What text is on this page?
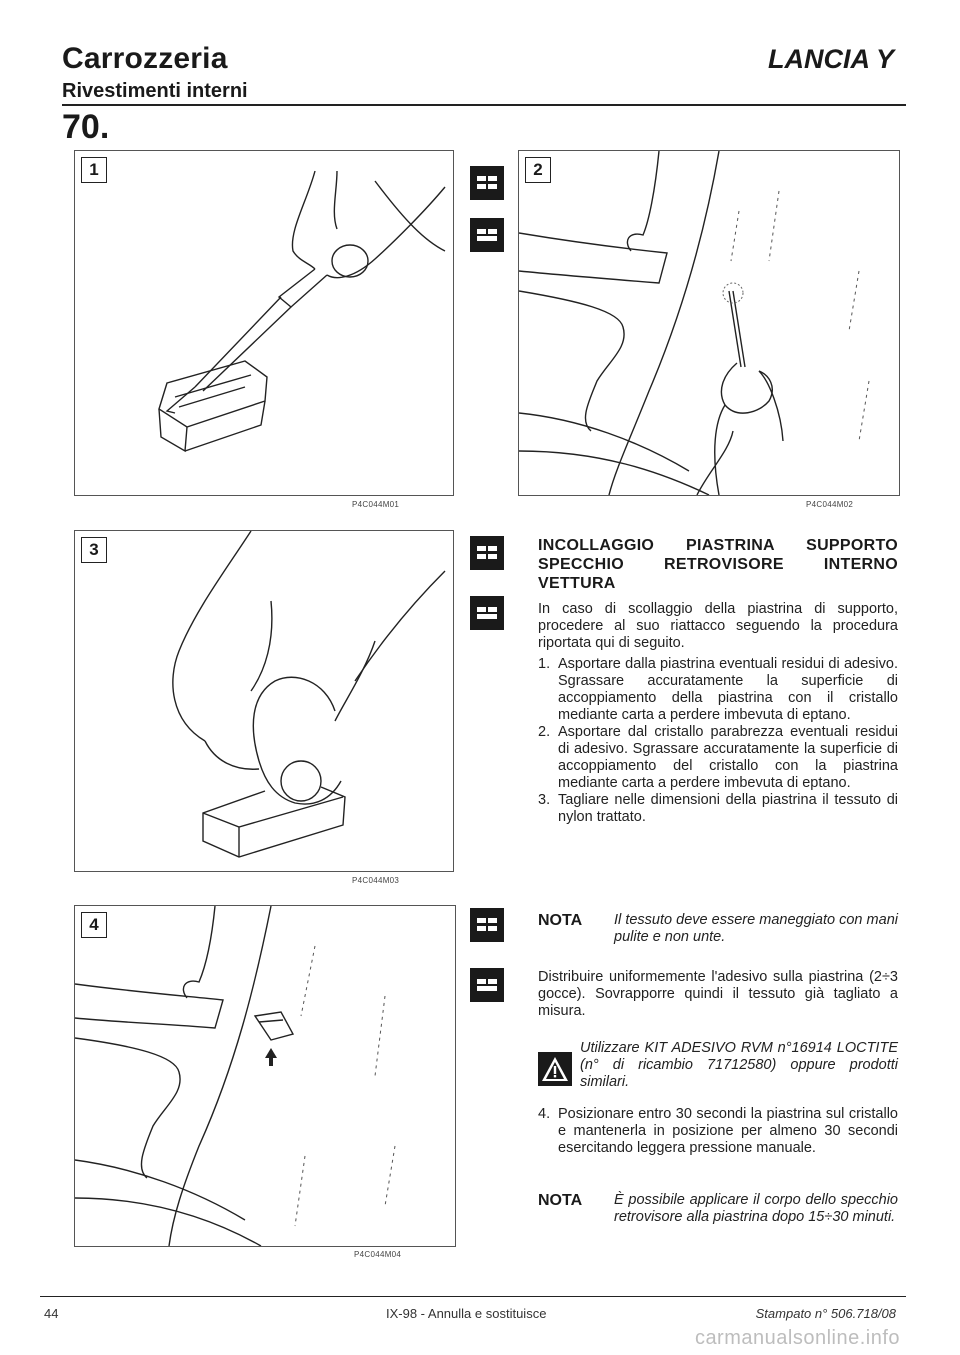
Carrozzeria
Rivestimenti interni
LANCIA Y
70.
1
P4C044M01
2
P4C044M02
3
P4C044M03
4
P4C044M04
INCOLLAGGIO PIASTRINA SUPPORTO
SPECCHIO RETROVISORE INTERNO
VETTURA
In caso di scollaggio della piastrina di supporto, procedere al suo riattacco seguendo la procedura riportata qui di seguito.
1. Asportare dalla piastrina eventuali residui di adesivo. Sgrassare accuratamente la superficie di accoppiamento della piastrina con il cristallo mediante carta a perdere imbevuta di eptano.
2. Asportare dal cristallo parabrezza eventuali residui di adesivo. Sgrassare accuratamente la superficie di accoppiamento del cristallo con la piastrina mediante carta a perdere imbevuta di eptano.
3. Tagliare nelle dimensioni della piastrina il tessuto di nylon trattato.
NOTA	Il tessuto deve essere maneggiato con mani pulite e non unte.
Distribuire uniformemente l'adesivo sulla piastrina (2÷3 gocce). Sovrapporre quindi il tessuto già tagliato a misura.
Utilizzare KIT ADESIVO RVM n°16914 LOCTITE (n° di ricambio 71712580) oppure prodotti similari.
4. Posizionare entro 30 secondi la piastrina sul cristallo e mantenerla in posizione per almeno 30 secondi esercitando leggera pressione manuale.
NOTA	È possibile applicare il corpo dello specchio retrovisore alla piastrina dopo 15÷30 minuti.
44	IX-98 - Annulla e sostituisce	Stampato n° 506.718/08
carmanualsonline.info
